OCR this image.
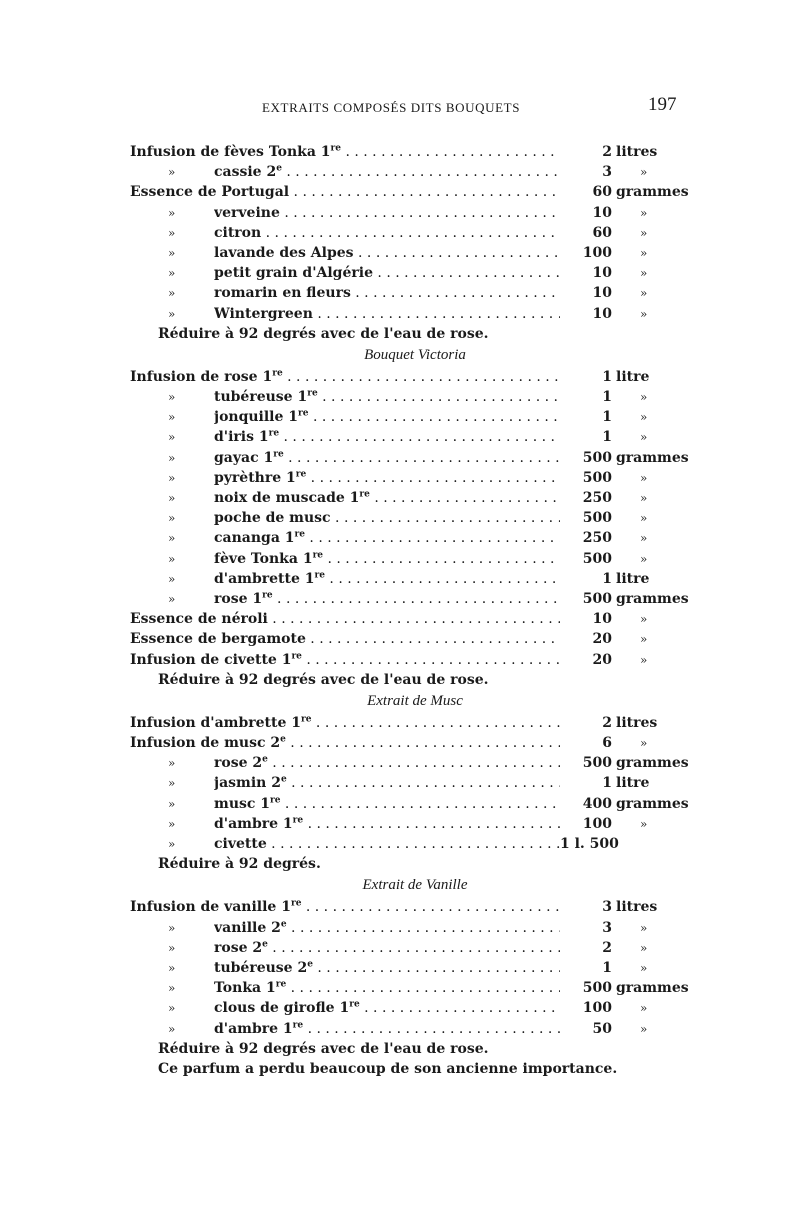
EXTRAITS COMPOSÉS DITS BOUQUETS	197
Infusion de fèves Tonka 1re . . .	2 litres
»	cassie 2e . . .	3 »
Essence de Portugal . . .	60 grammes
»	verveine . . .	10 »
»	citron . . .	60 »
»	lavande des Alpes . . .	100 »
»	petit grain d'Algérie . . .	10 »
»	romarin en fleurs . . .	10 »
»	Wintergreen . . .	10 »
Réduire à 92 degrés avec de l'eau de rose.
Bouquet Victoria
Infusion de rose 1re . . .	1 litre
»	tubéreuse 1re . . .	1 »
»	jonquille 1re . . .	1 »
»	d'iris 1re . . .	1 »
»	gayac 1re . . .	500 grammes
»	pyrèthre 1re . . .	500 »
»	noix de muscade 1re . . .	250 »
»	poche de musc . . .	500 »
»	cananga 1re . . .	250 »
»	fève Tonka 1re . . .	500 »
»	d'ambrette 1re . . .	1 litre
»	rose 1re . . .	500 grammes
Essence de néroli . . .	10 »
Essence de bergamote . . .	20 »
Infusion de civette 1re . . .	20 »
Réduire à 92 degrés avec de l'eau de rose.
Extrait de Musc
Infusion d'ambrette 1re . . .	2 litres
Infusion de musc 2e . . .	6 »
»	rose 2e . . .	500 grammes
»	jasmin 2e . . .	1 litre
»	musc 1re . . .	400 grammes
»	d'ambre 1re . . .	100 »
»	civette . . .	1 l. 500
Réduire à 92 degrés.
Extrait de Vanille
Infusion de vanille 1re . . .	3 litres
»	vanille 2e . . .	3 »
»	rose 2e . . .	2 »
»	tubéreuse 2e . . .	1 »
»	Tonka 1re . . .	500 grammes
»	clous de girofle 1re . . .	100 »
»	d'ambre 1re . . .	50 »
Réduire à 92 degrés avec de l'eau de rose.
Ce parfum a perdu beaucoup de son ancienne importance.
